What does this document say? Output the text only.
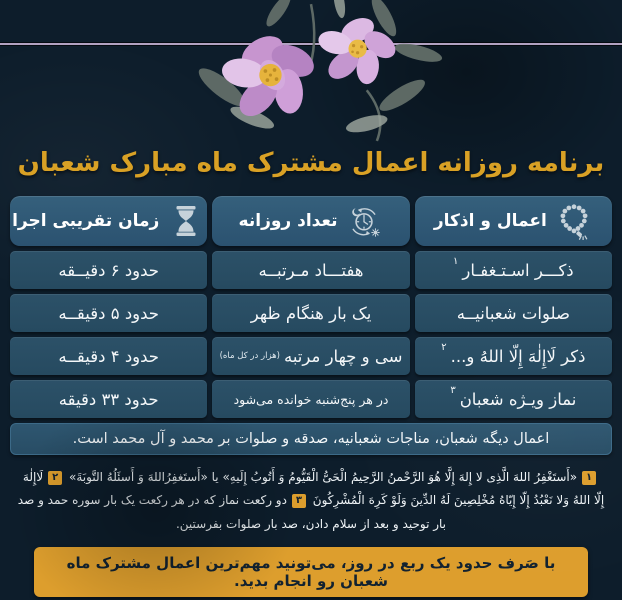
برنامه روزانه اعمال مشترک ماه مبارک شعبان
اعمال و اذکار
تعداد روزانه
زمان تقریبی اجرا
ذکـــر اسـتـغفـار
۱
هفتـــاد مـرتبــه
حدود ۶ دقیــقه
صلوات شعبانیــه
یک بار هنگام ظهر
حدود ۵ دقیقــه
ذکر لَاإِلٰهَ إِلّا اللهُ و...
۲
سی و چهار مرتبه
(هزار در کل ماه)
حدود ۴ دقیقــه
نماز ویـژه شعبان
۳
در هر پنج‌شنبه خوانده می‌شود
حدود ۳۳ دقیقه
اعمال دیگه شعبان، مناجات شعبانیه، صدقه و صلوات بر محمد و آل محمد است.
۱«أَستَغْفِرُ اللهَ الَّذِی لا إِلهَ إِلَّا هُوَ الرَّحْمنُ الرَّحِیمُ الْحَیُّ الْقَیُّومُ وَ أَتُوبُ إِلَیهِ» یا «أَستَغفِرُاللهَ وَ أَسئَلُهُ التَّوبَةَ» ۲لَاإِلٰهَ إِلّا اللهُ وَلا نَعْبُدُ إِلّا إِیّاهُ مُخْلِصِینَ لَهُ الدِّینَ وَلَوْ کَرِهَ الْمُشْرِکُونَ ۳دو رکعت نماز که در هر رکعت یک بار سوره حمد و صد بار توحید و بعد از سلام دادن، صد بار صلوات بفرستین.
با صَرف حدود یک ربع در روز، می‌تونید مهم‌ترین اعمال مشترک ماه شعبان رو انجام بدید.
